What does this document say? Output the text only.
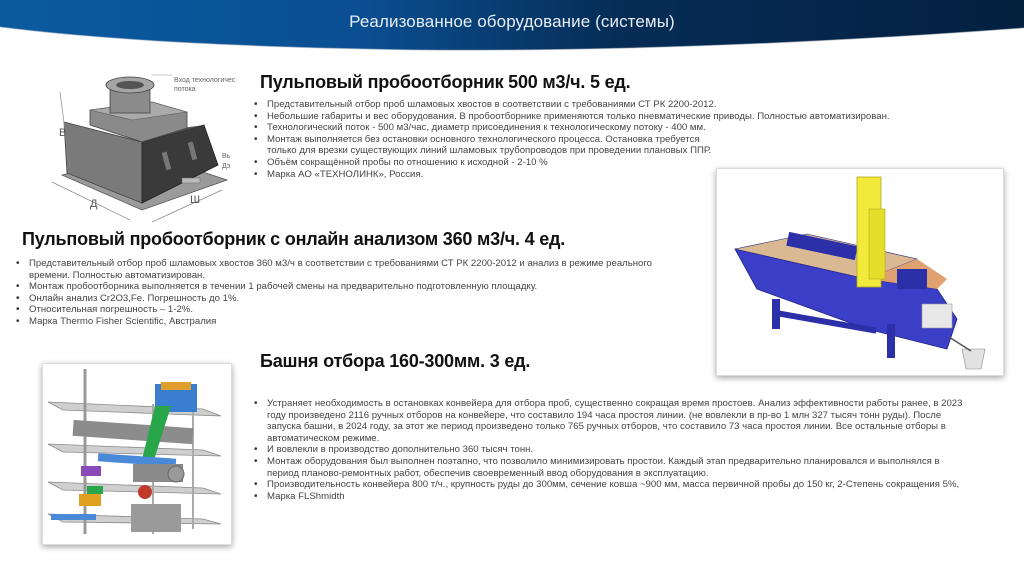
Реализованное оборудование (системы)
В
Д	Ш
Вход технологичес
потока
Вь
Дэ
Пульповый пробоотборник 500 м3/ч. 5 ед.
• Представительный отбор проб шламовых хвостов в соответствии с требованиями СТ РК 2200-2012.
• Небольшие габариты и вес оборудования. В пробоотборнике применяются только пневматические приводы. Полностью автоматизирован.
• Технологический поток - 500 м3/час, диаметр присоединения к технологическому потоку - 400 мм.
• Монтаж выполняется без остановки основного технологического процесса. Остановка требуется только для врезки существующих линий шламовых трубопроводов при проведении плановых ППР.
• Объём сокращённой пробы по отношению к исходной - 2-10 %
• Марка АО «ТЕХНОЛИНК», Россия.
Пульповый пробоотборник с онлайн анализом 360 м3/ч. 4 ед.
• Представительный отбор проб шламовых хвостов 360 м3/ч в соответствии с требованиями СТ РК 2200-2012 и анализ в режиме реального времени. Полностью автоматизирован.
• Монтаж пробоотборника выполняется в течении 1 рабочей смены на предварительно подготовленную площадку.
• Онлайн анализ Cr2O3,Fe. Погрешность до 1%.
• Относительная погрешность – 1-2%.
• Марка Thermo Fisher Scientific, Австралия
Башня отбора 160-300мм. 3 ед.
• Устраняет необходимость в остановках конвейера для отбора проб, существенно сокращая время простоев. Анализ эффективности работы ранее, в 2023 году произведено 2116 ручных отборов на конвейере, что составило 194 часа простоя линии. (не вовлекли в пр-во 1 млн 327 тысяч тонн руды). После запуска башни, в 2024 году, за этот же период произведено только 765 ручных отборов, что составило 73 часа простоя линии. Все остальные отборы в автоматическом режиме.
• И вовлекли в производство дополнительно 360 тысяч тонн.
• Монтаж оборудования был выполнен поэтапно, что позволило минимизировать простои. Каждый этап предварительно планировался и выполнялся в период планово-ремонтных работ, обеспечив своевременный ввод оборудования в эксплуатацию.
• Производительность конвейера 800 т/ч., крупность руды до 300мм, сечение ковша ~900 мм, масса первичной пробы до 150 кг, 2-Степень сокращения 5%,
• Марка FLShmidth
